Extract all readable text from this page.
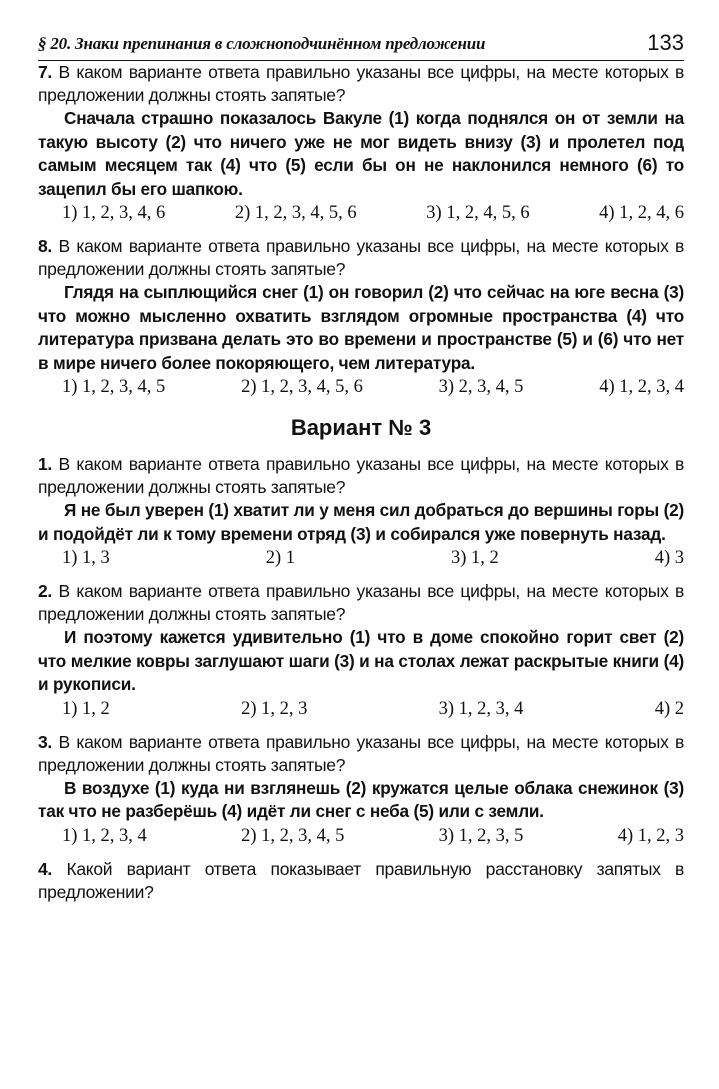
§ 20. Знаки препинания в сложноподчинённом предложении	133
7. В каком варианте ответа правильно указаны все цифры, на месте которых в предложении должны стоять запятые?
Сначала страшно показалось Вакуле (1) когда поднялся он от земли на такую высоту (2) что ничего уже не мог видеть внизу (3) и пролетел под самым месяцем так (4) что (5) если бы он не наклонился немного (6) то зацепил бы его шапкою.
1) 1, 2, 3, 4, 6	2) 1, 2, 3, 4, 5, 6	3) 1, 2, 4, 5, 6	4) 1, 2, 4, 6
8. В каком варианте ответа правильно указаны все цифры, на месте которых в предложении должны стоять запятые?
Глядя на сыплющийся снег (1) он говорил (2) что сейчас на юге весна (3) что можно мысленно охватить взглядом огромные пространства (4) что литература призвана делать это во времени и пространстве (5) и (6) что нет в мире ничего более покоряющего, чем литература.
1) 1, 2, 3, 4, 5	2) 1, 2, 3, 4, 5, 6	3) 2, 3, 4, 5	4) 1, 2, 3, 4
Вариант № 3
1. В каком варианте ответа правильно указаны все цифры, на месте которых в предложении должны стоять запятые?
Я не был уверен (1) хватит ли у меня сил добраться до вершины горы (2) и подойдёт ли к тому времени отряд (3) и собирался уже повернуть назад.
1) 1, 3	2) 1	3) 1, 2	4) 3
2. В каком варианте ответа правильно указаны все цифры, на месте которых в предложении должны стоять запятые?
И поэтому кажется удивительно (1) что в доме спокойно горит свет (2) что мелкие ковры заглушают шаги (3) и на столах лежат раскрытые книги (4) и рукописи.
1) 1, 2	2) 1, 2, 3	3) 1, 2, 3, 4	4) 2
3. В каком варианте ответа правильно указаны все цифры, на месте которых в предложении должны стоять запятые?
В воздухе (1) куда ни взглянешь (2) кружатся целые облака снежинок (3) так что не разберёшь (4) идёт ли снег с неба (5) или с земли.
1) 1, 2, 3, 4	2) 1, 2, 3, 4, 5	3) 1, 2, 3, 5	4) 1, 2, 3
4. Какой вариант ответа показывает правильную расстановку запятых в предложении?
